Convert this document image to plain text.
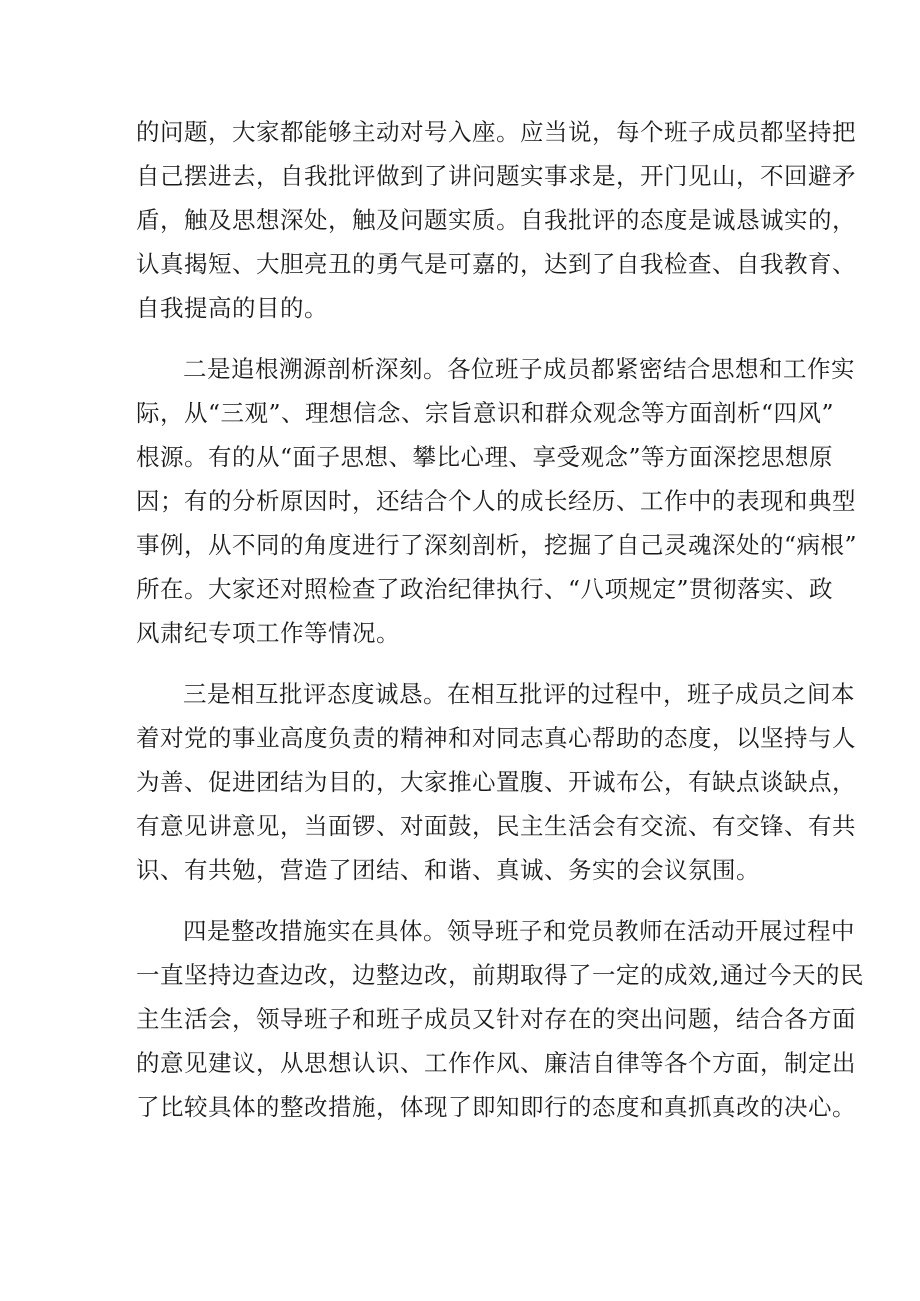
的问题，大家都能够主动对号入座。应当说，每个班子成员都坚持把
自己摆进去，自我批评做到了讲问题实事求是，开门见山，不回避矛
盾，触及思想深处，触及问题实质。自我批评的态度是诚恳诚实的，
认真揭短、大胆亮丑的勇气是可嘉的，达到了自我检查、自我教育、
自我提高的目的。
二是追根溯源剖析深刻。各位班子成员都紧密结合思想和工作实
际，从“三观”、理想信念、宗旨意识和群众观念等方面剖析“四风”
根源。有的从“面子思想、攀比心理、享受观念”等方面深挖思想原
因；有的分析原因时，还结合个人的成长经历、工作中的表现和典型
事例，从不同的角度进行了深刻剖析，挖掘了自己灵魂深处的“病根”
所在。大家还对照检查了政治纪律执行、“八项规定”贯彻落实、政
风肃纪专项工作等情况。
三是相互批评态度诚恳。在相互批评的过程中，班子成员之间本
着对党的事业高度负责的精神和对同志真心帮助的态度，以坚持与人
为善、促进团结为目的，大家推心置腹、开诚布公，有缺点谈缺点，
有意见讲意见，当面锣、对面鼓，民主生活会有交流、有交锋、有共
识、有共勉，营造了团结、和谐、真诚、务实的会议氛围。
四是整改措施实在具体。领导班子和党员教师在活动开展过程中
一直坚持边查边改，边整边改，前期取得了一定的成效,通过今天的民
主生活会，领导班子和班子成员又针对存在的突出问题，结合各方面
的意见建议，从思想认识、工作作风、廉洁自律等各个方面，制定出
了比较具体的整改措施，体现了即知即行的态度和真抓真改的决心。
